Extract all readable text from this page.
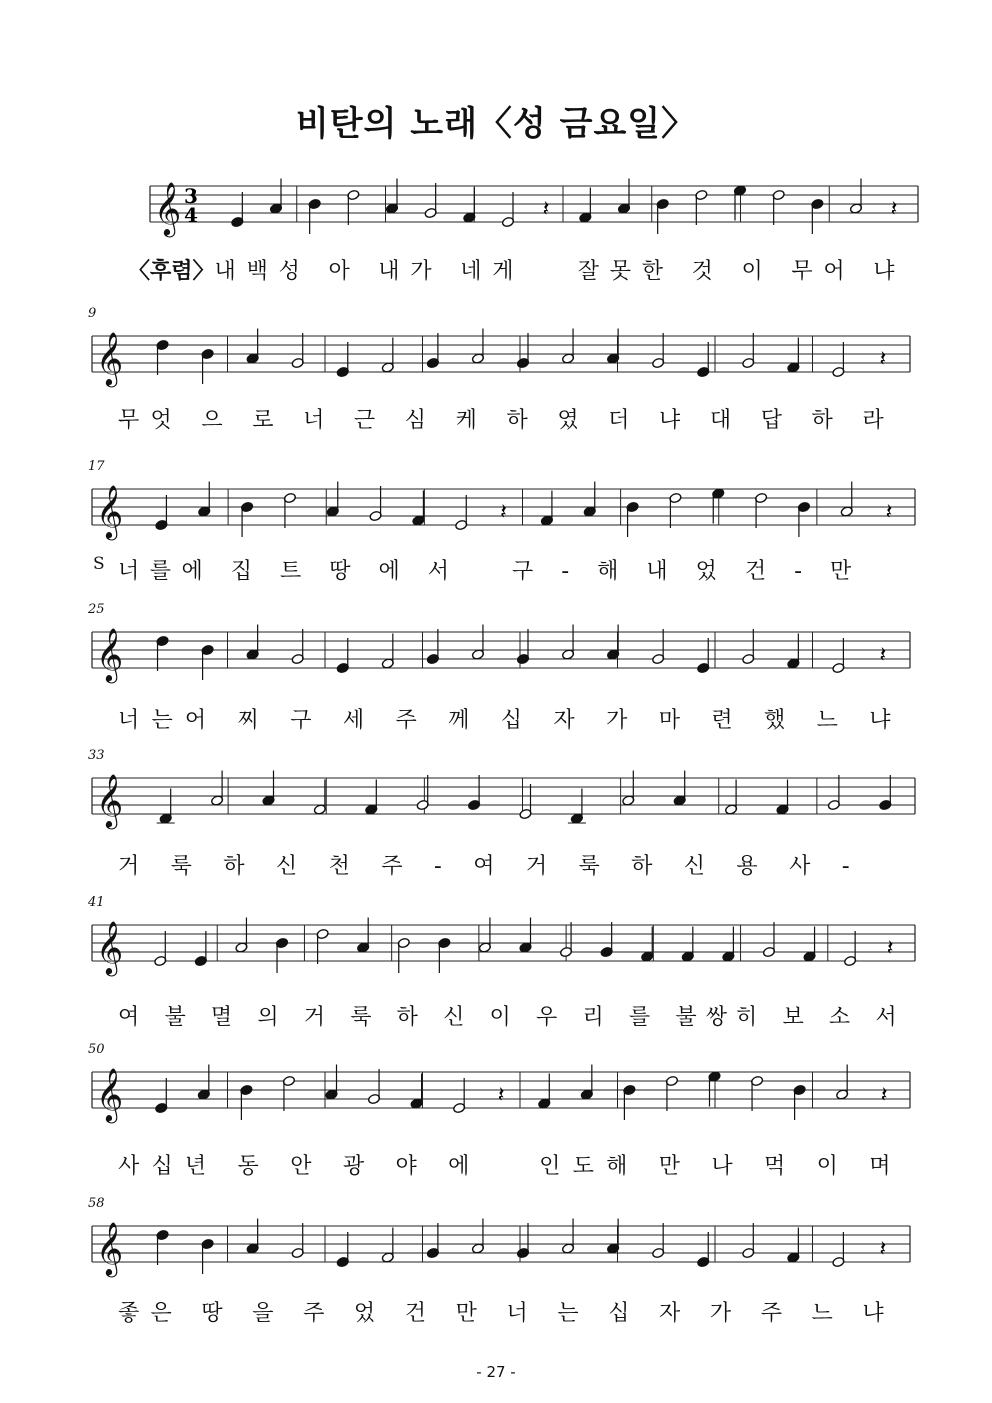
비탄의 노래〈성 금요일〉
𝄞 3
4	𝄽	𝄽
〈후렴〉내백성 아 내가 네게   잘못한 것 이 무어 냐
𝄞	𝄽
9
무엇 으 로 너 근 심 케 하 였 더 냐 대 답 하 라
𝄞	𝄽	𝄽
17
S 너를에 집 트 땅 에 서   구 - 해 내 었 건 - 만
𝄞	𝄽
25
너는어 찌 구 세 주 께 십 자 가 마 련 했 느 냐
𝄞
33
거 룩 하 신 천 주 - 여 거 룩 하 신 용 사 -
𝄞	𝄽
41
여 불 멸 의 거 룩 하 신 이 우 리 를 불쌍히 보 소 서
𝄞	𝄽	𝄽
50
사십년 동 안 광 야 에   인도해 만 나 먹 이 며
𝄞	𝄽
58
좋은 땅 을 주 었 건 만 너 는 십 자 가 주 느 냐
- 27 -
